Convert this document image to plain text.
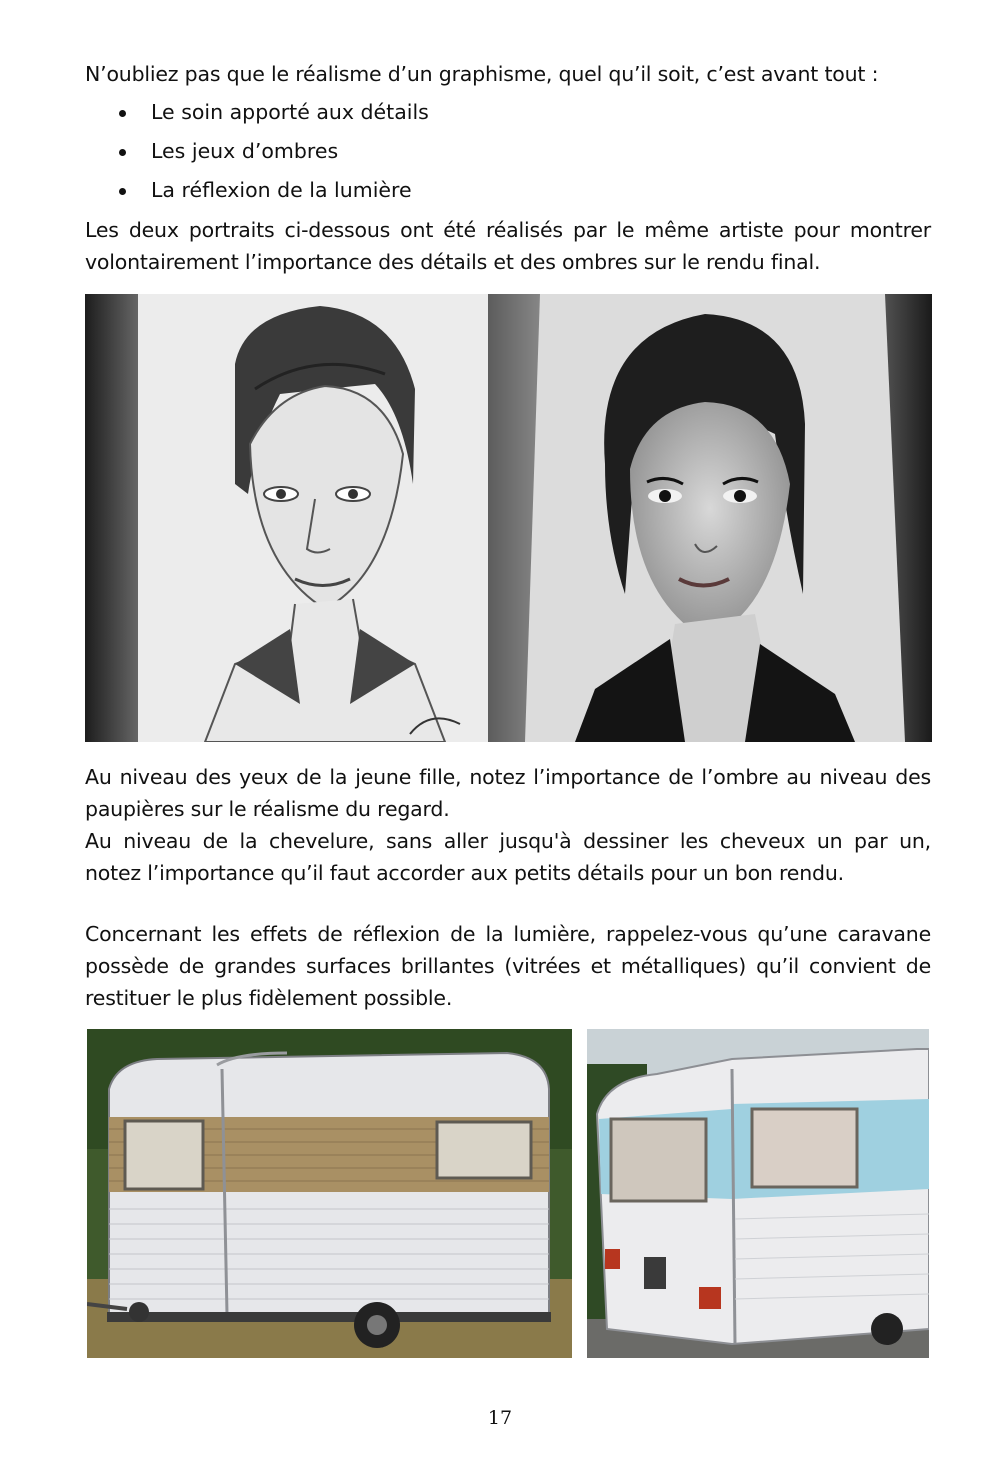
N’oubliez pas que le réalisme d’un graphisme, quel qu’il soit, c’est avant tout :
Le soin apporté aux détails
Les jeux d’ombres
La réflexion de la lumière
Les deux portraits ci-dessous ont été réalisés par le même artiste pour montrer
volontairement l’importance des détails et des ombres sur le rendu final.
Au niveau des yeux de la jeune fille, notez l’importance de l’ombre au niveau des
paupières sur le réalisme du regard.
Au niveau de la chevelure, sans aller jusqu'à dessiner les cheveux un par un,
notez l’importance qu’il faut accorder aux petits détails pour un bon rendu.
Concernant les effets de réflexion de la lumière, rappelez-vous qu’une caravane
possède de grandes surfaces brillantes (vitrées et métalliques) qu’il convient de
restituer le plus fidèlement possible.
17
